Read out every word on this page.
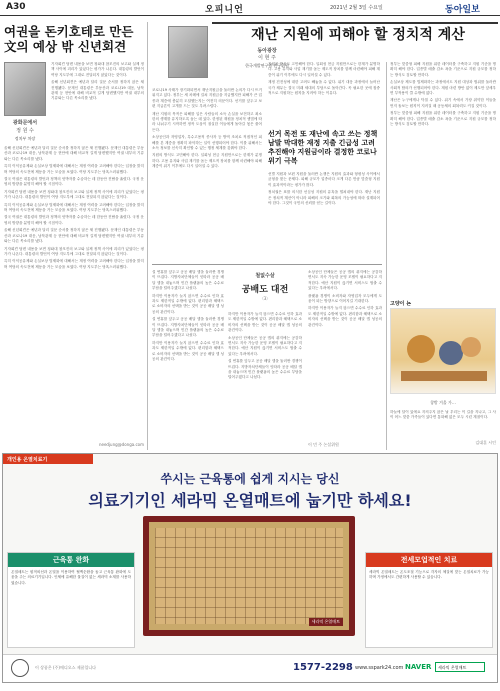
A30	오피니언	2021년 2월 3일 수요일	동아일보
여권을 돈키호테로 만든 文의 예상 밖 신년회견
광화문에서
정 원 수
정치부 차장

기자회견 답변 내용을 보면 청와대 참모진의 보고와 실제 정책 사이에 괴리가 있었다는 평가가 나온다. 대통령의 발언이 여당 지도부에 그대로 전달되지 않았다는 것이다.

올해 신년회견은 예년과 달리 질문 순서를 정하지 않은 채 진행됐다. 문재인 대통령은 부동산과 코로나19 대응, 남북관계 등 현안에 대해 비교적 길게 답변했지만 여권 내부의 기류와는 다른 목소리를 냈다.

올해 신년회견은 예년과 달리 질문 순서를 정하지 않은 채 진행됐다. 문재인 대통령은 부동산과 코로나19 대응, 남북관계 등 현안에 대해 비교적 길게 답변했지만 여권 내부의 기류와는 다른 목소리를 냈다.

특히 이익공유제와 손실보상 법제화에 대해서는 재정 여력을 고려해야 한다는 입장을 밝히며 여당의 속도전에 제동을 거는 모습을 보였다. 여당 지도부는 당혹스러워했다.

결국 여권은 대통령의 발언과 정책의 엇박자를 수습하는 데 한동안 진땀을 흘렸다. 국정 운영의 방향을 분명히 해야 할 시점이다.

기자회견 답변 내용을 보면 청와대 참모진의 보고와 실제 정책 사이에 괴리가 있었다는 평가가 나온다. 대통령의 발언이 여당 지도부에 그대로 전달되지 않았다는 것이다.

특히 이익공유제와 손실보상 법제화에 대해서는 재정 여력을 고려해야 한다는 입장을 밝히며 여당의 속도전에 제동을 거는 모습을 보였다. 여당 지도부는 당혹스러워했다.

결국 여권은 대통령의 발언과 정책의 엇박자를 수습하는 데 한동안 진땀을 흘렸다. 국정 운영의 방향을 분명히 해야 할 시점이다.

올해 신년회견은 예년과 달리 질문 순서를 정하지 않은 채 진행됐다. 문재인 대통령은 부동산과 코로나19 대응, 남북관계 등 현안에 대해 비교적 길게 답변했지만 여권 내부의 기류와는 다른 목소리를 냈다.

기자회견 답변 내용을 보면 청와대 참모진의 보고와 실제 정책 사이에 괴리가 있었다는 평가가 나온다. 대통령의 발언이 여당 지도부에 그대로 전달되지 않았다는 것이다.

특히 이익공유제와 손실보상 법제화에 대해서는 재정 여력을 고려해야 한다는 입장을 밝히며 여당의 속도전에 제동을 거는 모습을 보였다. 여당 지도부는 당혹스러워했다.

needjung@donga.com
재난 지원에 피해야 할 정치적 계산
동아광장
이 현 주
한국개발연구원 연구위원

코로나19 사태가 장기화되면서 재난지원금을 둘러싼 논의가 다시 뜨거워지고 있다. 정부는 세 차례에 걸쳐 지원금을 지급했지만 피해가 큰 업종과 계층에 충분히 도달했는지는 여전히 의문이다. 선거를 앞두고 보편 지급론이 고개를 드는 것도 우려스럽다.

재난 지원의 목적은 피해를 입은 사람들의 소득 손실을 보전하고 최소한의 생계를 유지하도록 돕는 데 있다. 한정된 재원을 정치적 셈법에 따라 나눠주기 시작하면 정작 도움이 절실한 이들에게 돌아갈 몫은 줄어든다.

소상공인과 자영업자, 특수고용직 종사자 등 방역 조치로 직접적인 피해를 본 계층을 정확히 파악하는 일이 선행되어야 한다. 이를 위해서는 소득 정보를 신속히 확인할 수 있는 행정 체계를 갖춰야 한다.

지원의 방식도 고민해야 한다. 일회성 현금 지원만으로는 한계가 분명하다. 고용 유지와 사업 재기를 돕는 제도적 장치를 함께 마련해야 피해 계층이 위기 이후에도 다시 일어설 수 있다.

지원의 방식도 고민해야 한다. 일회성 현금 지원만으로는 한계가 분명하다. 고용 유지와 사업 재기를 돕는 제도적 장치를 함께 마련해야 피해 계층이 위기 이후에도 다시 일어설 수 있다.

재정 건전성에 대한 고려도 빼놓을 수 없다. 위기 대응 과정에서 늘어난 국가 채무는 결국 미래 세대의 부담으로 돌아간다. 꼭 필요한 곳에 집중적으로 지원하는 원칙을 지켜야 하는 이유다.

선거 목전 또 재난에 속고 쓰는 정책 남발 막대한 재정 지출 긴급성 고려 추진해야 지원금이라 결정한 코로나 위기 극복

선별 지원과 보편 지원을 둘러싼 논쟁은 지원의 효과와 형평성 사이에서 균형을 찾는 문제다. 피해 규모가 업종마다 크게 다른 만큼 맞춤형 지원이 효과적이라는 평가가 많다.

정치권은 표를 의식한 선심성 지원의 유혹을 떨쳐내야 한다. 재난 지원은 정치적 계산이 아니라 피해의 크기와 회복의 가능성에 따라 설계되어야 한다. 그것이 국민의 신뢰를 얻는 길이다.

설 연휴를 앞두고 공공 배달 앱을 둘러싼 경쟁이 뜨겁다. 지방자치단체들이 잇따라 공공 배달 앱을 내놓으며 민간 플랫폼의 높은 수수료 부담을 덜어주겠다고 나섰다.

하지만 이용자가 늘지 않으면 수수료 인하 효과도 제한적일 수밖에 없다. 편리함과 혜택으로 소비자의 선택을 받는 것이 공공 배달 앱 성공의 관건이다.

설 연휴를 앞두고 공공 배달 앱을 둘러싼 경쟁이 뜨겁다. 지방자치단체들이 잇따라 공공 배달 앱을 내놓으며 민간 플랫폼의 높은 수수료 부담을 덜어주겠다고 나섰다.

하지만 이용자가 늘지 않으면 수수료 인하 효과도 제한적일 수밖에 없다. 편리함과 혜택으로 소비자의 선택을 받는 것이 공공 배달 앱 성공의 관건이다.

철없수살
공배도 대전
〈3〉

하지만 이용자가 늘지 않으면 수수료 인하 효과도 제한적일 수밖에 없다. 편리함과 혜택으로 소비자의 선택을 받는 것이 공공 배달 앱 성공의 관건이다.

소상공인 단체들은 공공 앱의 취지에는 공감하면서도 지속 가능한 운영 모델이 필요하다고 지적한다. 예산 지원이 끊기면 서비스도 멈출 수 있다는 우려에서다.

설 연휴를 앞두고 공공 배달 앱을 둘러싼 경쟁이 뜨겁다. 지방자치단체들이 잇따라 공공 배달 앱을 내놓으며 민간 플랫폼의 높은 수수료 부담을 덜어주겠다고 나섰다.

소상공인 단체들은 공공 앱의 취지에는 공감하면서도 지속 가능한 운영 모델이 필요하다고 지적한다. 예산 지원이 끊기면 서비스도 멈출 수 있다는 우려에서다.

플랫폼 경쟁이 소비자와 자영업자 모두에게 도움이 되는 방향으로 이어지길 기대한다.

하지만 이용자가 늘지 않으면 수수료 인하 효과도 제한적일 수밖에 없다. 편리함과 혜택으로 소비자의 선택을 받는 것이 공공 배달 앱 성공의 관건이다.

이 민 주 논설위원

정부는 맞춤형 피해 지원을 위한 데이터를 구축하고 지원 기준을 명확히 해야 한다. 업종별 매출 감소 폭을 기준으로 지원 규모를 정하는 방식도 검토할 만하다.

손실보상 제도를 법제화하는 과정에서도 지원 대상과 범위를 둘러싼 사회적 합의가 선행되어야 한다. 재원 마련 방안 없이 제도만 앞세우면 부작용이 클 수밖에 없다.

재난은 누구에게나 닥칠 수 있다. 위기 속에서 가장 취약한 이들을 먼저 돌보는 원칙이 지켜질 때 공동체의 회복력도 커질 것이다.

정부는 맞춤형 피해 지원을 위한 데이터를 구축하고 지원 기준을 명확히 해야 한다. 업종별 매출 감소 폭을 기준으로 지원 규모를 정하는 방식도 검토할 만하다.

고양이 뇬
창밖 겨울 가…
하늘에 달이 있에요 지켜주지 않은 날 우리는 이 길을 지나고, 그 사이 어느 맞춤 가족들이 있다면 통화해 없은 모두 시린 계절이다.
김대훈 시인
개인용 온열치료기
쑤시는 근육통에 쉽게 지시는 당신
의료기기인 세라믹 온열매트에 눕기만 하세요!
세라믹 온열매트
근육통 완화
온열매트는 원적외선과 온열을 이용하여 혈액순환을 돕고 근육통 완화에 도움을 주는 의료기기입니다. 인체에 유해한 물질이 없는 세라믹 소재를 사용하였습니다.
전세모업적인 치료
세라믹 온열매트는 온도조절 기능으로 각자의 체질에 맞는 온열치료가 가능하며 가정에서도 간편하게 사용할 수 있습니다.
이 상품은 (주)메디오스 제품입니다	1577-2298 www.sspark24.com NAVER	세라믹 온열매트
